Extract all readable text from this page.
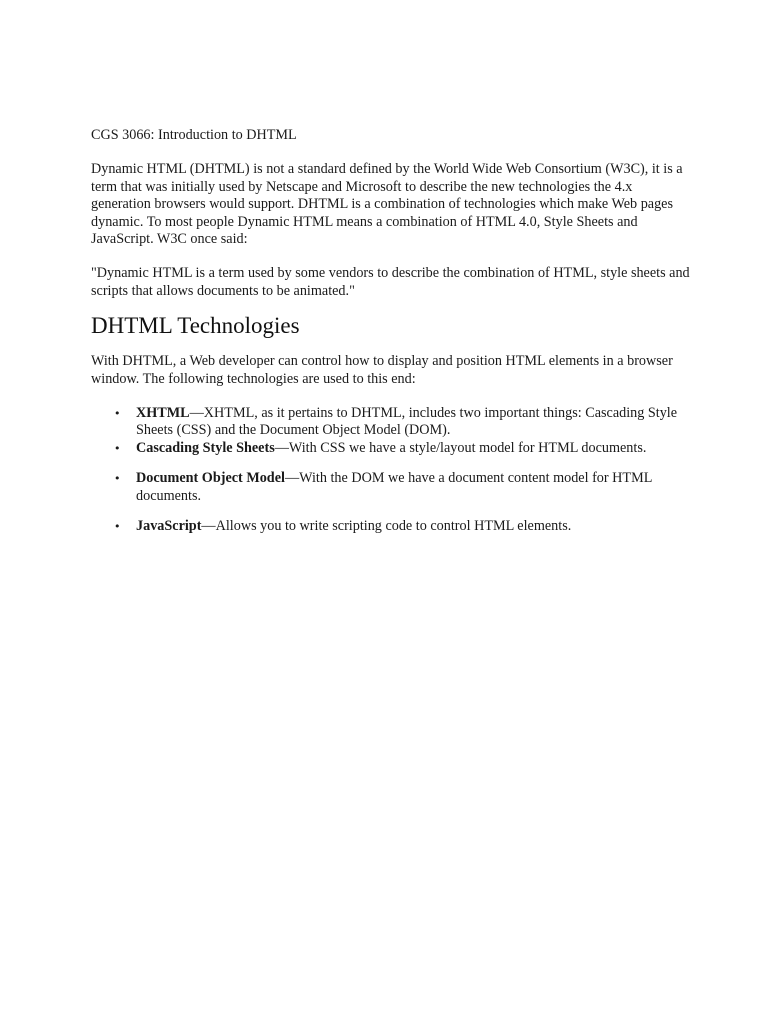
CGS 3066: Introduction to DHTML

Dynamic HTML (DHTML) is not a standard defined by the World Wide Web Consortium (W3C), it is a term that was initially used by Netscape and Microsoft to describe the new technologies the 4.x generation browsers would support. DHTML is a combination of technologies which make Web pages dynamic. To most people Dynamic HTML means a combination of HTML 4.0, Style Sheets and JavaScript. W3C once said:

"Dynamic HTML is a term used by some vendors to describe the combination of HTML, style sheets and scripts that allows documents to be animated."

DHTML Technologies

With DHTML, a Web developer can control how to display and position HTML elements in a browser window. The following technologies are used to this end:

• XHTML—XHTML, as it pertains to DHTML, includes two important things: Cascading Style Sheets (CSS) and the Document Object Model (DOM).
• Cascading Style Sheets—With CSS we have a style/layout model for HTML documents.
• Document Object Model—With the DOM we have a document content model for HTML documents.
• JavaScript—Allows you to write scripting code to control HTML elements.
